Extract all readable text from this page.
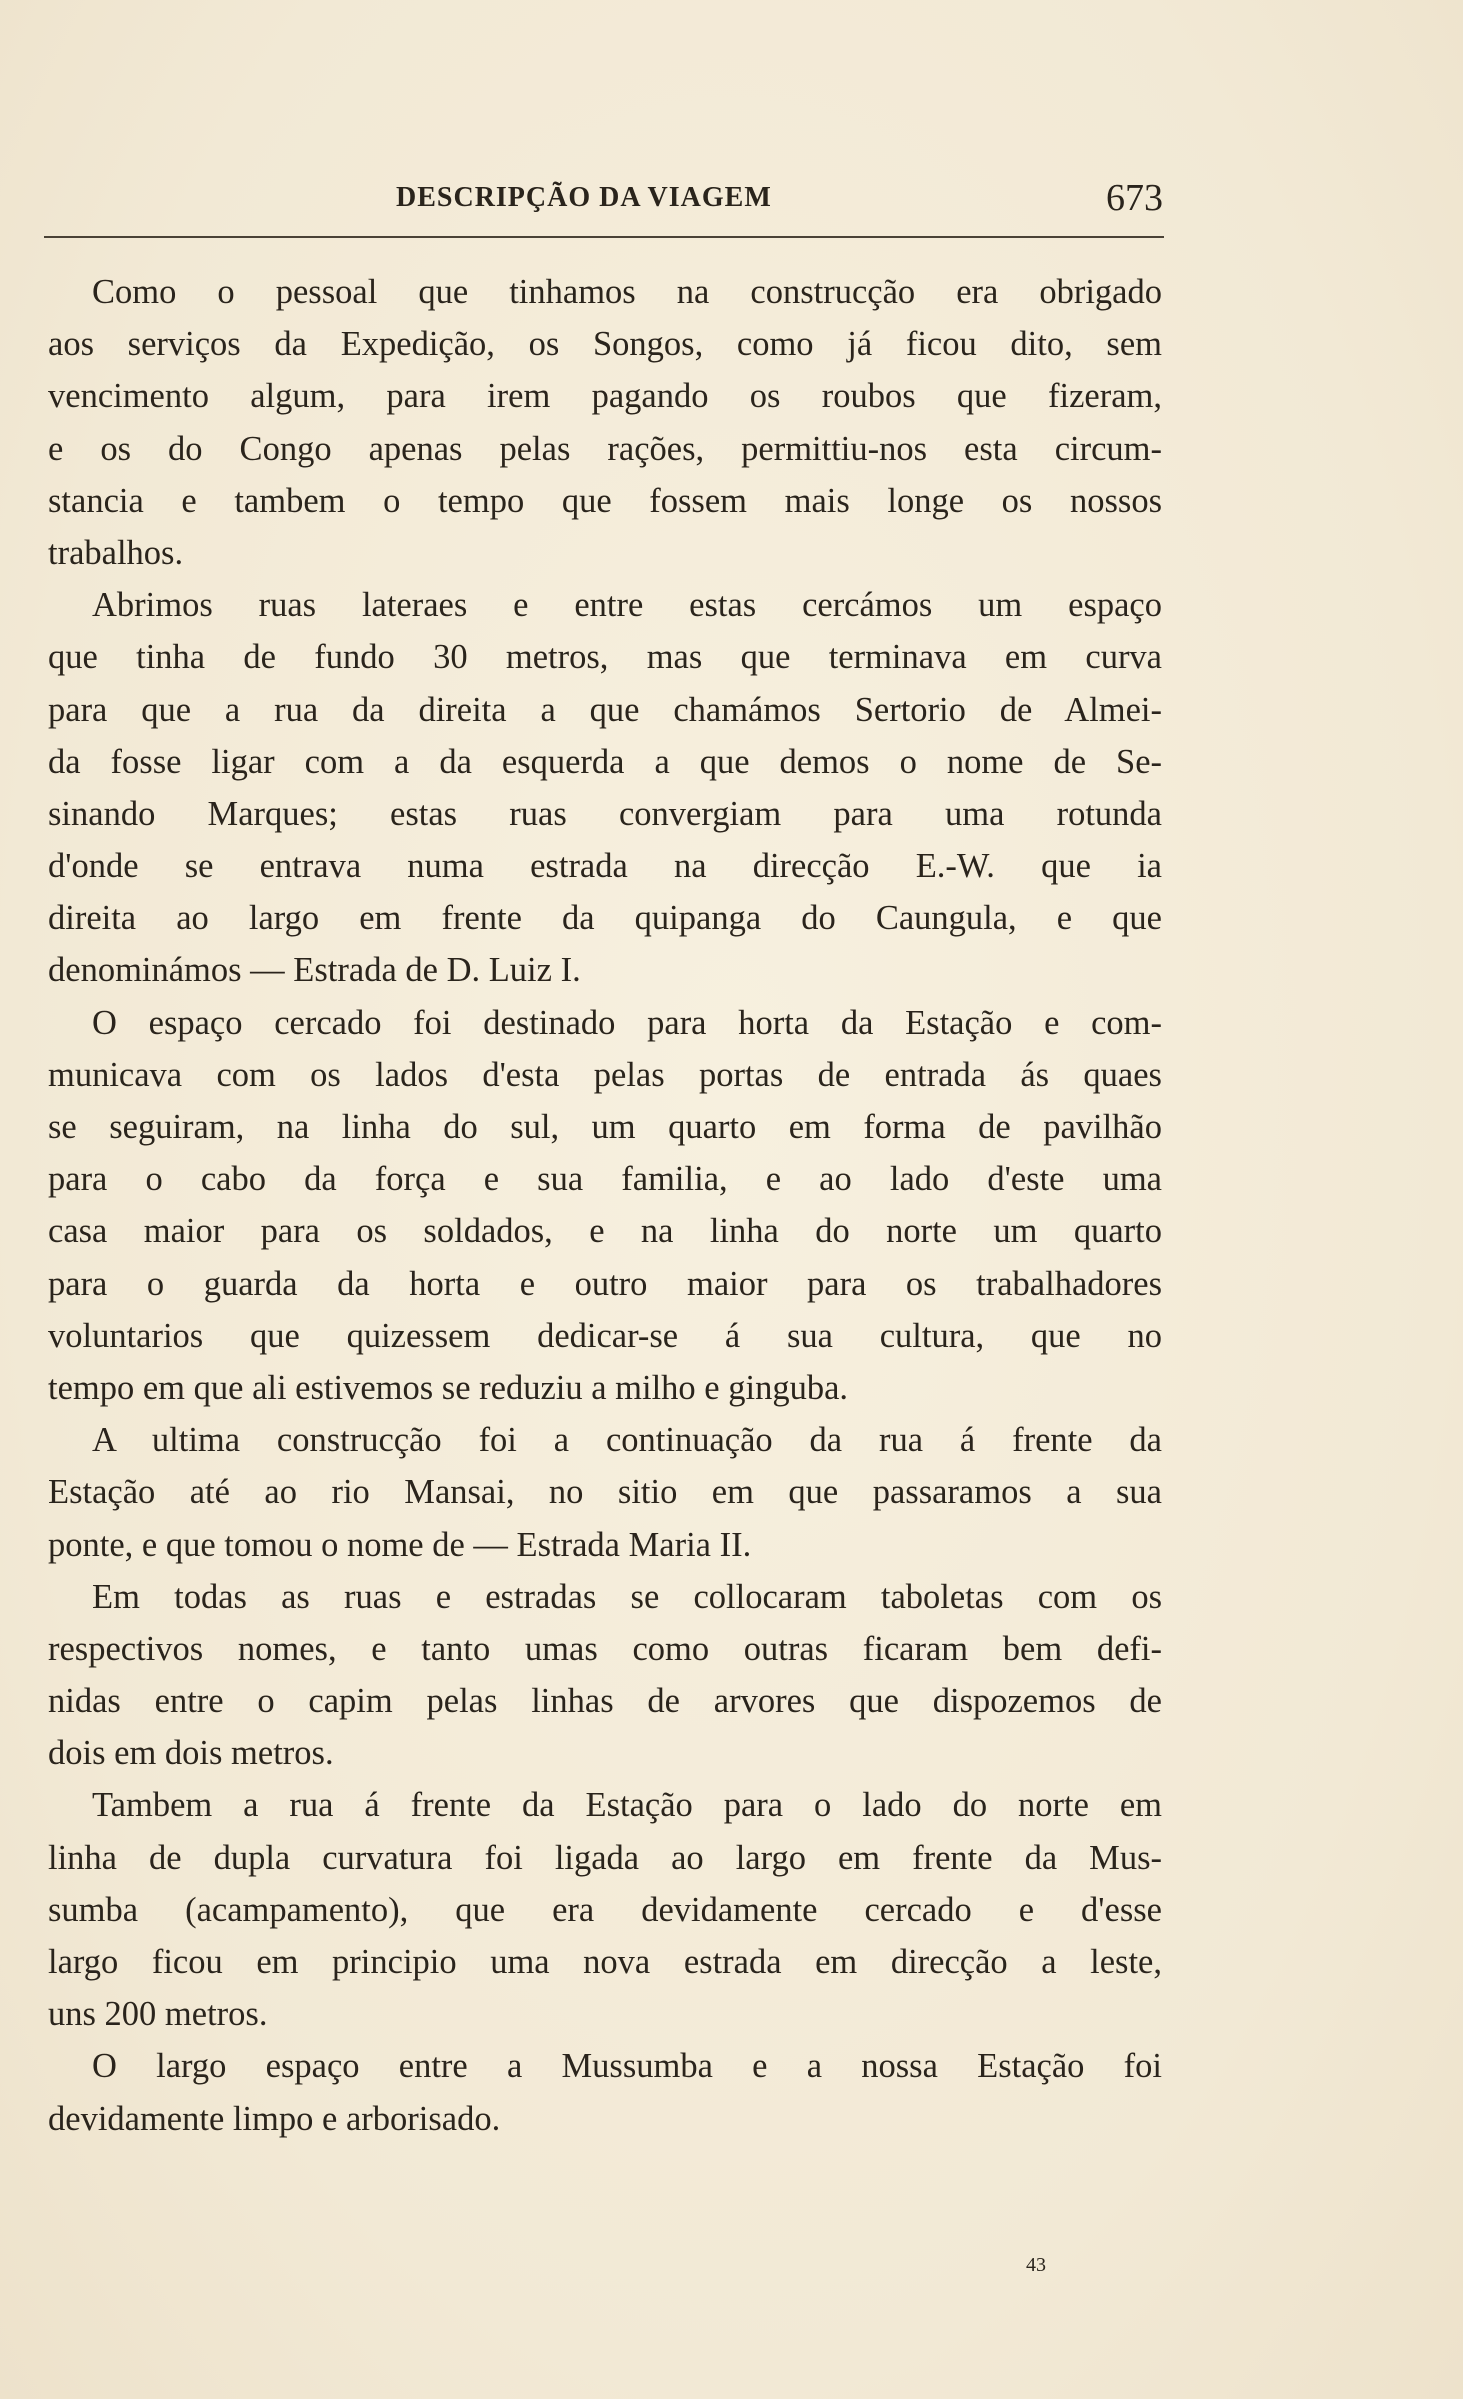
DESCRIPÇÃO DA VIAGEM	673
Como o pessoal que tinhamos na construcção era obrigado
aos serviços da Expedição, os Songos, como já ficou dito, sem
vencimento algum, para irem pagando os roubos que fizeram,
e os do Congo apenas pelas rações, permittiu-nos esta circum-
stancia e tambem o tempo que fossem mais longe os nossos
trabalhos.
Abrimos ruas lateraes e entre estas cercámos um espaço
que tinha de fundo 30 metros, mas que terminava em curva
para que a rua da direita a que chamámos Sertorio de Almei-
da fosse ligar com a da esquerda a que demos o nome de Se-
sinando Marques; estas ruas convergiam para uma rotunda
d'onde se entrava numa estrada na direcção E.-W. que ia
direita ao largo em frente da quipanga do Caungula, e que
denominámos — Estrada de D. Luiz I.
O espaço cercado foi destinado para horta da Estação e com-
municava com os lados d'esta pelas portas de entrada ás quaes
se seguiram, na linha do sul, um quarto em forma de pavilhão
para o cabo da força e sua familia, e ao lado d'este uma
casa maior para os soldados, e na linha do norte um quarto
para o guarda da horta e outro maior para os trabalhadores
voluntarios que quizessem dedicar-se á sua cultura, que no
tempo em que ali estivemos se reduziu a milho e ginguba.
A ultima construcção foi a continuação da rua á frente da
Estação até ao rio Mansai, no sitio em que passaramos a sua
ponte, e que tomou o nome de — Estrada Maria II.
Em todas as ruas e estradas se collocaram taboletas com os
respectivos nomes, e tanto umas como outras ficaram bem defi-
nidas entre o capim pelas linhas de arvores que dispozemos de
dois em dois metros.
Tambem a rua á frente da Estação para o lado do norte em
linha de dupla curvatura foi ligada ao largo em frente da Mus-
sumba (acampamento), que era devidamente cercado e d'esse
largo ficou em principio uma nova estrada em direcção a leste,
uns 200 metros.
O largo espaço entre a Mussumba e a nossa Estação foi
devidamente limpo e arborisado.
43
